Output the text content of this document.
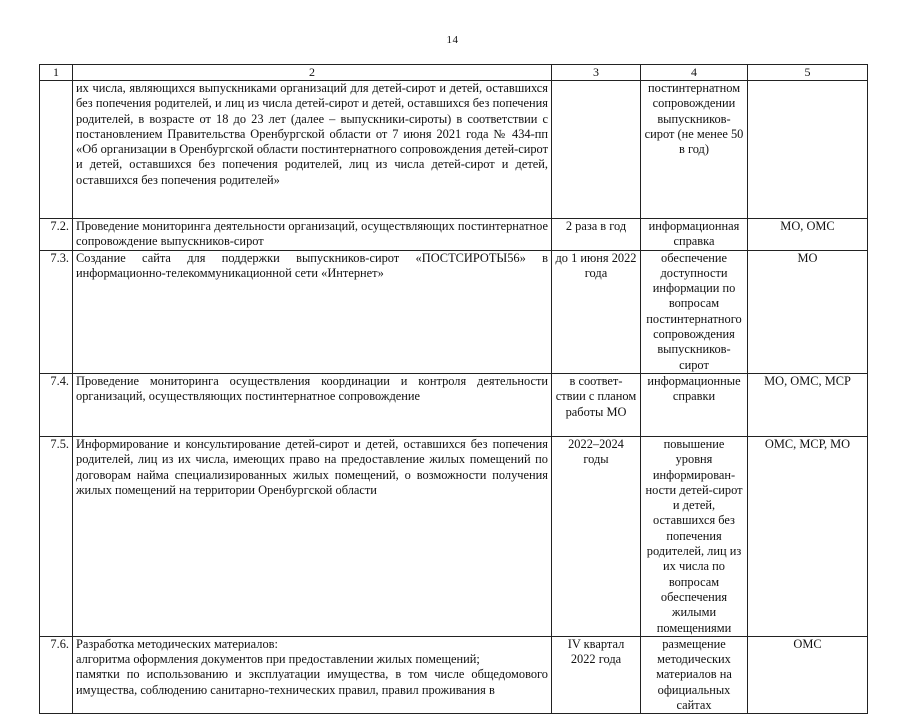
14
1	2	3	4	5
	их числа, являющихся выпускниками организаций для детей-сирот и детей, оставшихся без попечения родителей, и лиц из числа детей-сирот и детей, оставшихся без попечения родителей, в возрасте от 18 до 23 лет (далее – выпускники-сироты) в соответствии с постановлением Правительства Оренбургской области от 7 июня 2021 года № 434-пп «Об организации в Оренбургской области постинтернатного сопровождения детей-сирот и детей, оставшихся без попечения родителей, лиц из числа детей-сирот и детей, оставшихся без попечения родителей»		постинтернатном сопровождении выпускников-сирот (не менее 50 в год)	
7.2.	Проведение мониторинга деятельности организаций, осуществляющих постинтернатное сопровождение выпускников-сирот	2 раза в год	информационная справка	МО, ОМС
7.3.	Создание сайта для поддержки выпускников-сирот «ПОСТСИРОТЫ56» в информационно-телекоммуникационной сети «Интернет»	до 1 июня 2022 года	обеспечение доступности информации по вопросам постинтернатного сопровождения выпускников-сирот	МО
7.4.	Проведение мониторинга осуществления координации и контроля деятельности организаций, осуществляющих постинтернатное сопровождение	в соответ-ствии с планом работы МО	информационные справки	МО, ОМС, МСР
7.5.	Информирование и консультирование детей-сирот и детей, оставшихся без попечения родителей, лиц из их числа, имеющих право на предоставление жилых помещений по договорам найма специализированных жилых помещений, о возможности получения жилых помещений на территории Оренбургской области	2022–2024 годы	повышение уровня информирован-ности детей-сирот и детей, оставшихся без попечения родителей, лиц из их числа по вопросам обеспечения жилыми помещениями	ОМС, МСР, МО
7.6.	Разработка методических материалов:
алгоритма оформления документов при предоставлении жилых помещений;
памятки по использованию и эксплуатации имущества, в том числе общедомового имущества, соблюдению санитарно-технических правил, правил проживания в	IV квартал 2022 года	размещение методических материалов на официальных сайтах	ОМС
